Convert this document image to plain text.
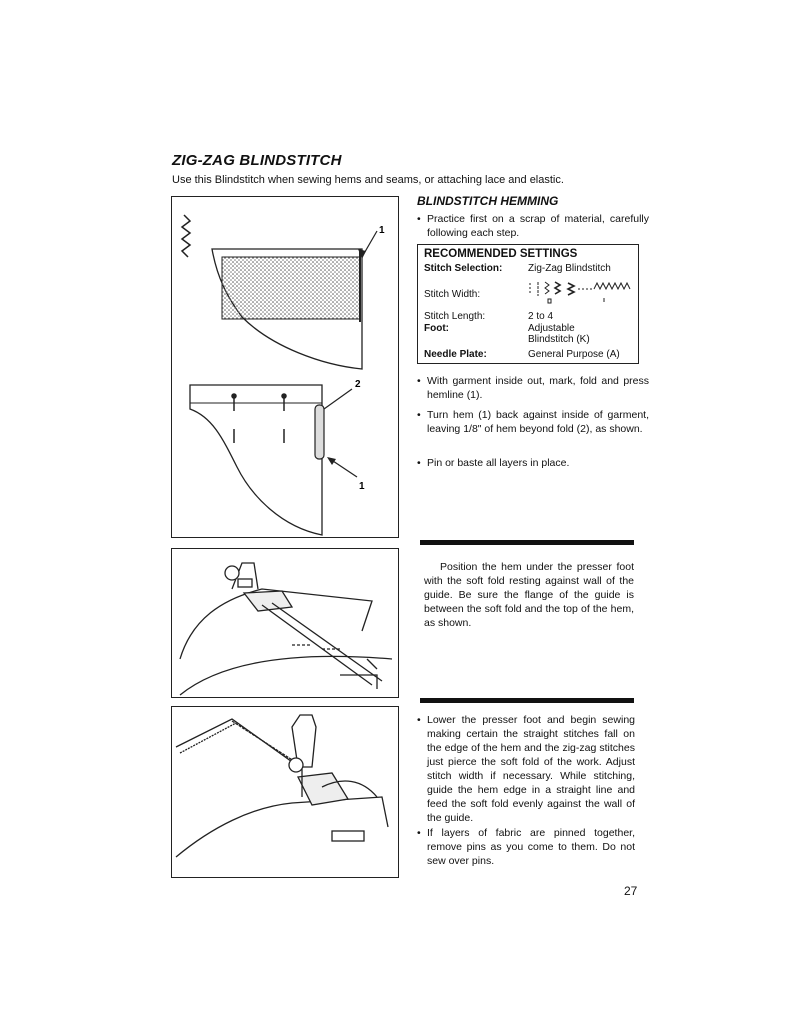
ZIG-ZAG BLINDSTITCH
Use this Blindstitch when sewing hems and seams, or attaching lace and elastic.
1
2
1
BLINDSTITCH HEMMING
• Practice first on a scrap of material, carefully following each step.
RECOMMENDED SETTINGS
Stitch Selection:	Zig-Zag Blindstitch
Stitch Width:
Stitch Length:	2 to 4
Foot:	Adjustable Blindstitch (K)
Needle Plate:	General Purpose (A)
• With garment inside out, mark, fold and press hemline (1).
• Turn hem (1) back against inside of garment, leaving 1/8" of hem beyond fold (2), as shown.
• Pin or baste all layers in place.
Position the hem under the presser foot with the soft fold resting against wall of the guide. Be sure the flange of the guide is between the soft fold and the top of the hem, as shown.
• Lower the presser foot and begin sewing making certain the straight stitches fall on the edge of the hem and the zig-zag stitches just pierce the soft fold of the work. Adjust stitch width if necessary. While stitching, guide the hem edge in a straight line and feed the soft fold evenly against the wall of the guide.
• If layers of fabric are pinned together, remove pins as you come to them. Do not sew over pins.
27
